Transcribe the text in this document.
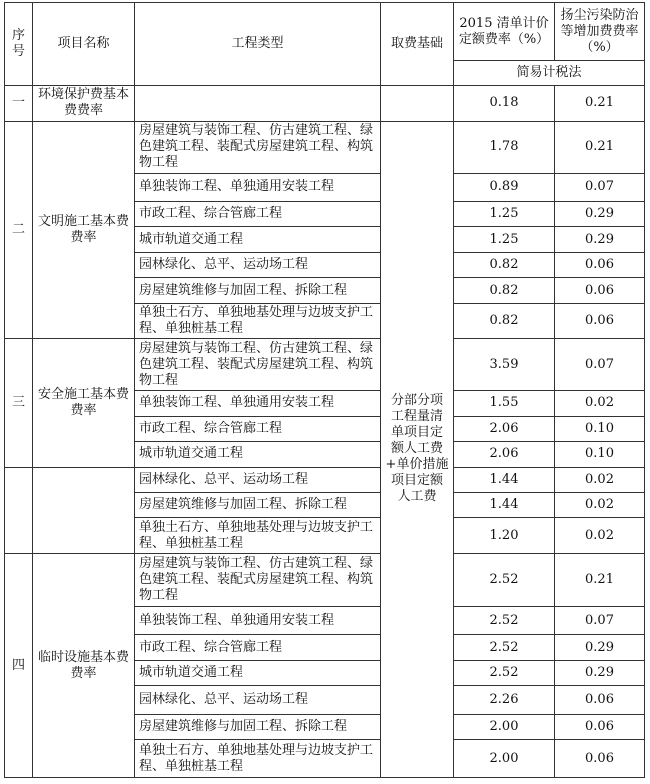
序号	项目名称	工程类型	取费基础	2015 清单计价定额费率（%）	扬尘污染防治等增加费费率（%）
				简易计税法	
一	环境保护费基本费费率			0.18	0.21
二	文明施工基本费费率	房屋建筑与装饰工程、仿古建筑工程、绿色建筑工程、装配式房屋建筑工程、构筑物工程	分部分项工程量清单项目定额人工费+单价措施项目定额人工费	1.78	0.21
		单独装饰工程、单独通用安装工程		0.89	0.07
		市政工程、综合管廊工程		1.25	0.29
		城市轨道交通工程		1.25	0.29
		园林绿化、总平、运动场工程		0.82	0.06
		房屋建筑维修与加固工程、拆除工程		0.82	0.06
		单独土石方、单独地基处理与边坡支护工程、单独桩基工程		0.82	0.06
三	安全施工基本费费率	房屋建筑与装饰工程、仿古建筑工程、绿色建筑工程、装配式房屋建筑工程、构筑物工程		3.59	0.07
		单独装饰工程、单独通用安装工程		1.55	0.02
		市政工程、综合管廊工程		2.06	0.10
		城市轨道交通工程		2.06	0.10
		园林绿化、总平、运动场工程		1.44	0.02
		房屋建筑维修与加固工程、拆除工程		1.44	0.02
		单独土石方、单独地基处理与边坡支护工程、单独桩基工程		1.20	0.02
四	临时设施基本费费率	房屋建筑与装饰工程、仿古建筑工程、绿色建筑工程、装配式房屋建筑工程、构筑物工程		2.52	0.21
		单独装饰工程、单独通用安装工程		2.52	0.07
		市政工程、综合管廊工程		2.52	0.29
		城市轨道交通工程		2.52	0.29
		园林绿化、总平、运动场工程		2.26	0.06
		房屋建筑维修与加固工程、拆除工程		2.00	0.06
		单独土石方、单独地基处理与边坡支护工程、单独桩基工程		2.00	0.06
